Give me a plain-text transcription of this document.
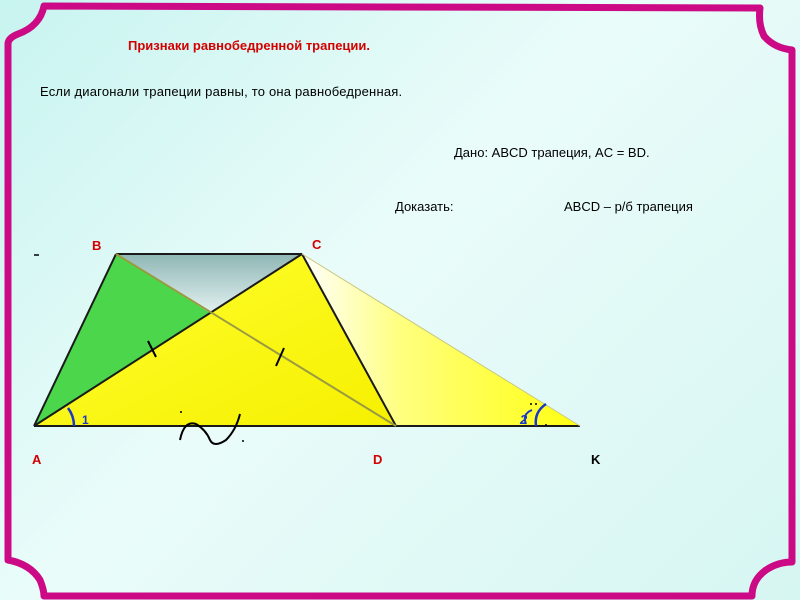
Признаки равнобедренной трапеции.
Если диагонали трапеции равны, то она равнобедренная.
Дано: ABCD трапеция, AC = BD.
Доказать:	ABCD – р/б трапеция
B	C
A	D	K
1	2
